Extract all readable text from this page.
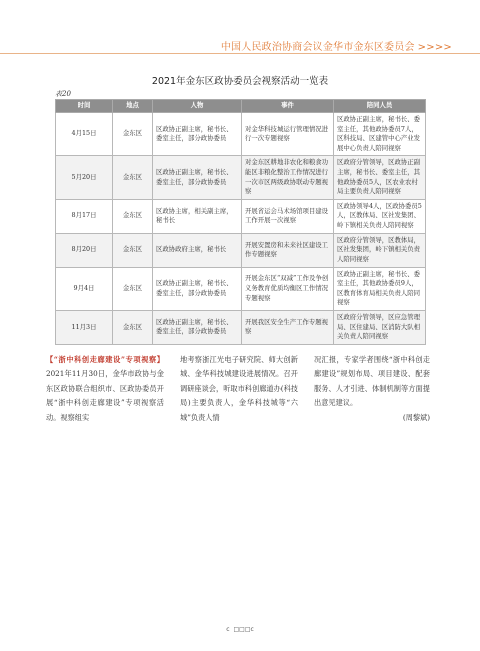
中国人民政治协商会议金华市金东区委员会 >>>>
2021年金东区政协委员会视察活动一览表
表20
时间	地点	人物	事件	陪同人员
4月15日	金东区	区政协正副主席，秘书长、委室主任，部分政协委员	对金华科技城运行管理情况进行一次专题视察	区政协正副主席，秘书长、委室主任，其他政协委员7人，区科技局、区建管中心产业发展中心负责人陪同视察
5月20日	金东区	区政协正副主席，秘书长、委室主任，部分政协委员	对金东区耕地非农化和粮食功能区非粮化整治工作情况进行一次市区两级政协联动专题视察	区政府分管领导，区政协正副主席，秘书长、委室主任，其他政协委员5人，区农业农村局主要负责人陪同视察
8月17日	金东区	区政协主席，相关副主席，秘书长	开展省运会马术场馆项目建设工作开展一次视察	区政协领导4人，区政协委员5人，区教体局、区社发集团、岭下镇相关负责人陪同视察
8月20日	金东区	区政协政府主席，秘书长	开展安置房和未来社区建设工作专题视察	区政府分管领导，区教体局，区社发集团，岭下镇相关负责人陪同视察
9月4日	金东区	区政协正副主席，秘书长、委室主任，部分政协委员	开展金东区“双减”工作及争创义务教育优质均衡区工作情况专题视察	区政协正副主席，秘书长、委室主任，其他政协委员9人，区教育体育局相关负责人陪同视察
11月3日	金东区	区政协正副主席，秘书长、委室主任，部分政协委员	开展我区安全生产工作专题视察	区政府分管领导，区应急管理局、区住建局、区消防大队相关负责人陪同视察
【“浙中科创走廊建设”专项视察】2021年11月30日，金华市政协与金东区政协联合组织市、区政协委员开展“浙中科创走廊建设”专项视察活动。视察组实
地考察浙江光电子研究院、师大创新城、金华科技城建设进展情况。召开调研座谈会，听取市科创廊道办(科技局)主要负责人，金华科技城等“六城”负责人情
况汇报，专家学者围绕“浙中科创走廊建设”规划布局、项目建设、配套服务、人才引进、体制机制等方面提出意见建议。
(周黎斌)
c □□□c
